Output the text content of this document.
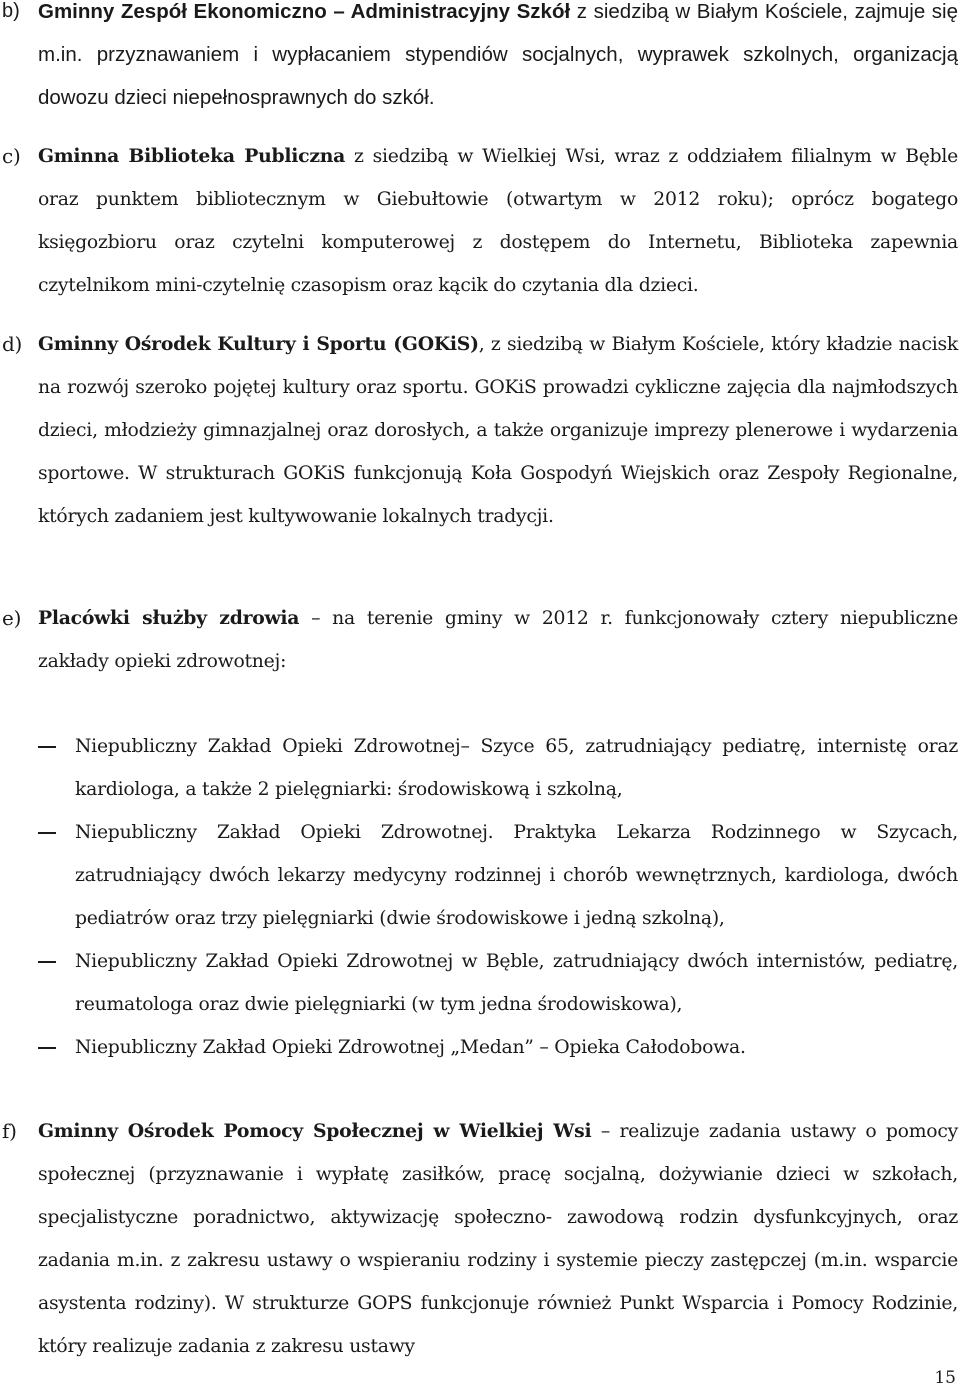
b) Gminny Zespół Ekonomiczno – Administracyjny Szkół z siedzibą w Białym Kościele, zajmuje się m.in. przyznawaniem i wypłacaniem stypendiów socjalnych, wyprawek szkolnych, organizacją dowozu dzieci niepełnosprawnych do szkół.
c) Gminna Biblioteka Publiczna z siedzibą w Wielkiej Wsi, wraz z oddziałem filialnym w Bęble oraz punktem bibliotecznym w Giebułtowie (otwartym w 2012 roku); oprócz bogatego księgozbioru oraz czytelni komputerowej z dostępem do Internetu, Biblioteka zapewnia czytelnikom mini-czytelnię czasopism oraz kącik do czytania dla dzieci.
d) Gminny Ośrodek Kultury i Sportu (GOKiS), z siedzibą w Białym Kościele, który kładzie nacisk na rozwój szeroko pojętej kultury oraz sportu. GOKiS prowadzi cykliczne zajęcia dla najmłodszych dzieci, młodzieży gimnazjalnej oraz dorosłych, a także organizuje imprezy plenerowe i wydarzenia sportowe. W strukturach GOKiS funkcjonują Koła Gospodyń Wiejskich oraz Zespoły Regionalne, których zadaniem jest kultywowanie lokalnych tradycji.
e) Placówki służby zdrowia – na terenie gminy w 2012 r. funkcjonowały cztery niepubliczne zakłady opieki zdrowotnej:
Niepubliczny Zakład Opieki Zdrowotnej– Szyce 65, zatrudniający pediatrę, internistę oraz kardiologa, a także 2 pielęgniarki: środowiskową i szkolną,
Niepubliczny Zakład Opieki Zdrowotnej. Praktyka Lekarza Rodzinnego w Szycach, zatrudniający dwóch lekarzy medycyny rodzinnej i chorób wewnętrznych, kardiologa, dwóch pediatrów oraz trzy pielęgniarki (dwie środowiskowe i jedną szkolną),
Niepubliczny Zakład Opieki Zdrowotnej w Bęble, zatrudniający dwóch internistów, pediatrę, reumatologa oraz dwie pielęgniarki (w tym jedna środowiskowa),
Niepubliczny Zakład Opieki Zdrowotnej „Medan” – Opieka Całodobowa.
f) Gminny Ośrodek Pomocy Społecznej w Wielkiej Wsi – realizuje zadania ustawy o pomocy społecznej (przyznawanie i wypłatę zasiłków, pracę socjalną, dożywianie dzieci w szkołach, specjalistyczne poradnictwo, aktywizację społeczno- zawodową rodzin dysfunkcyjnych, oraz zadania m.in. z zakresu ustawy o wspieraniu rodziny i systemie pieczy zastępczej (m.in. wsparcie asystenta rodziny). W strukturze GOPS funkcjonuje również Punkt Wsparcia i Pomocy Rodzinie, który realizuje zadania z zakresu ustawy
15
